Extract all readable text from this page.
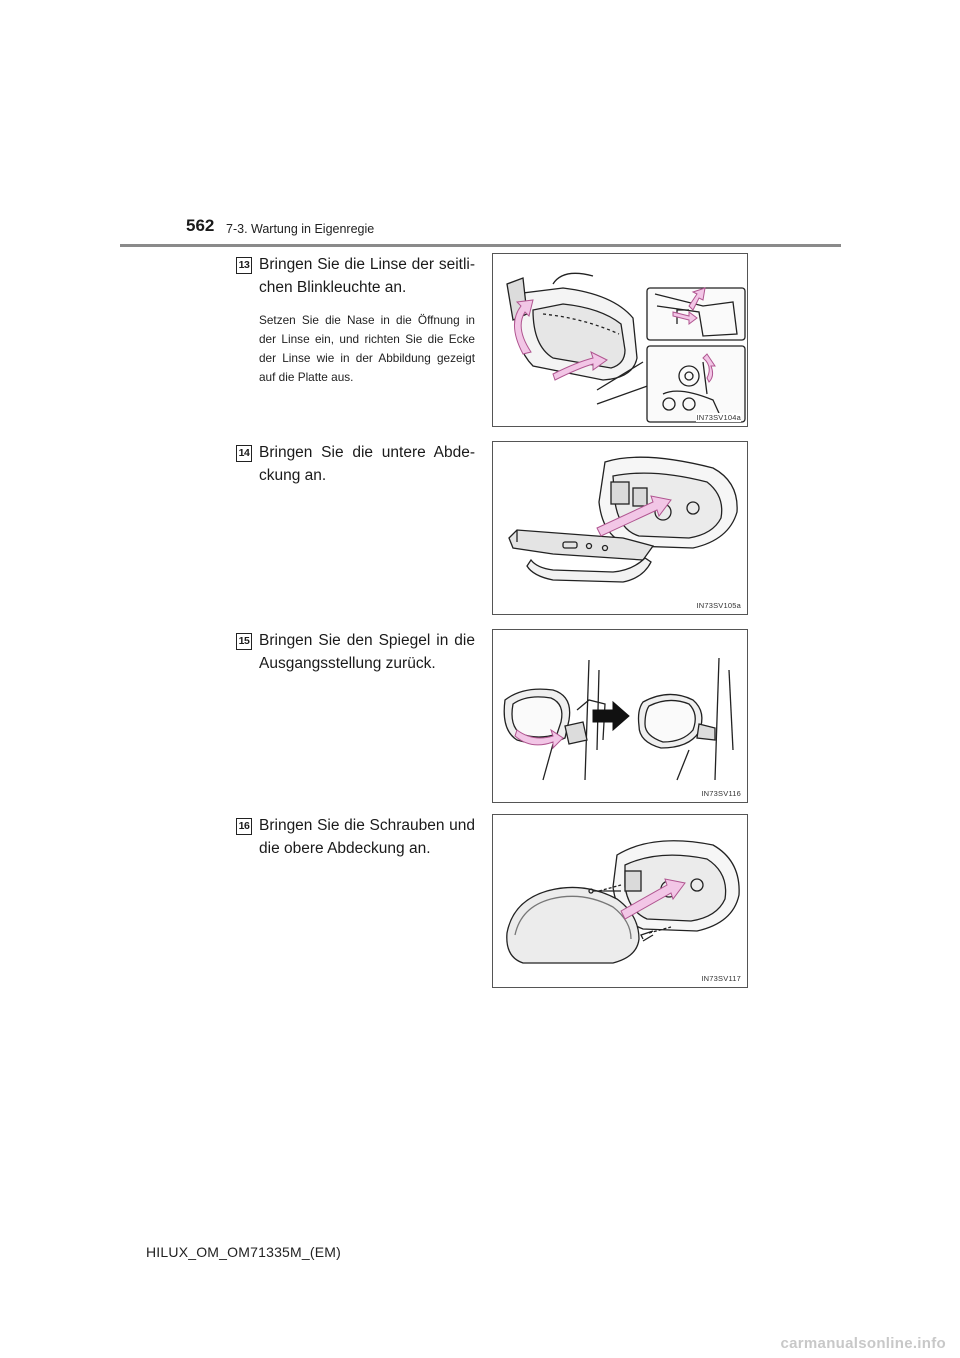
562 7-3. Wartung in Eigenregie
13 Bringen Sie die Linse der seitli-chen Blinkleuchte an.

Setzen Sie die Nase in die Öffnung in der Linse ein, und richten Sie die Ecke der Linse wie in der Abbildung gezeigt auf die Platte aus.

IN73SV104a
14 Bringen Sie die untere Abde-ckung an.

IN73SV105a
15 Bringen Sie den Spiegel in die Ausgangsstellung zurück.

IN73SV116
16 Bringen Sie die Schrauben und die obere Abdeckung an.

IN73SV117
HILUX_OM_OM71335M_(EM)
carmanualsonline.info
